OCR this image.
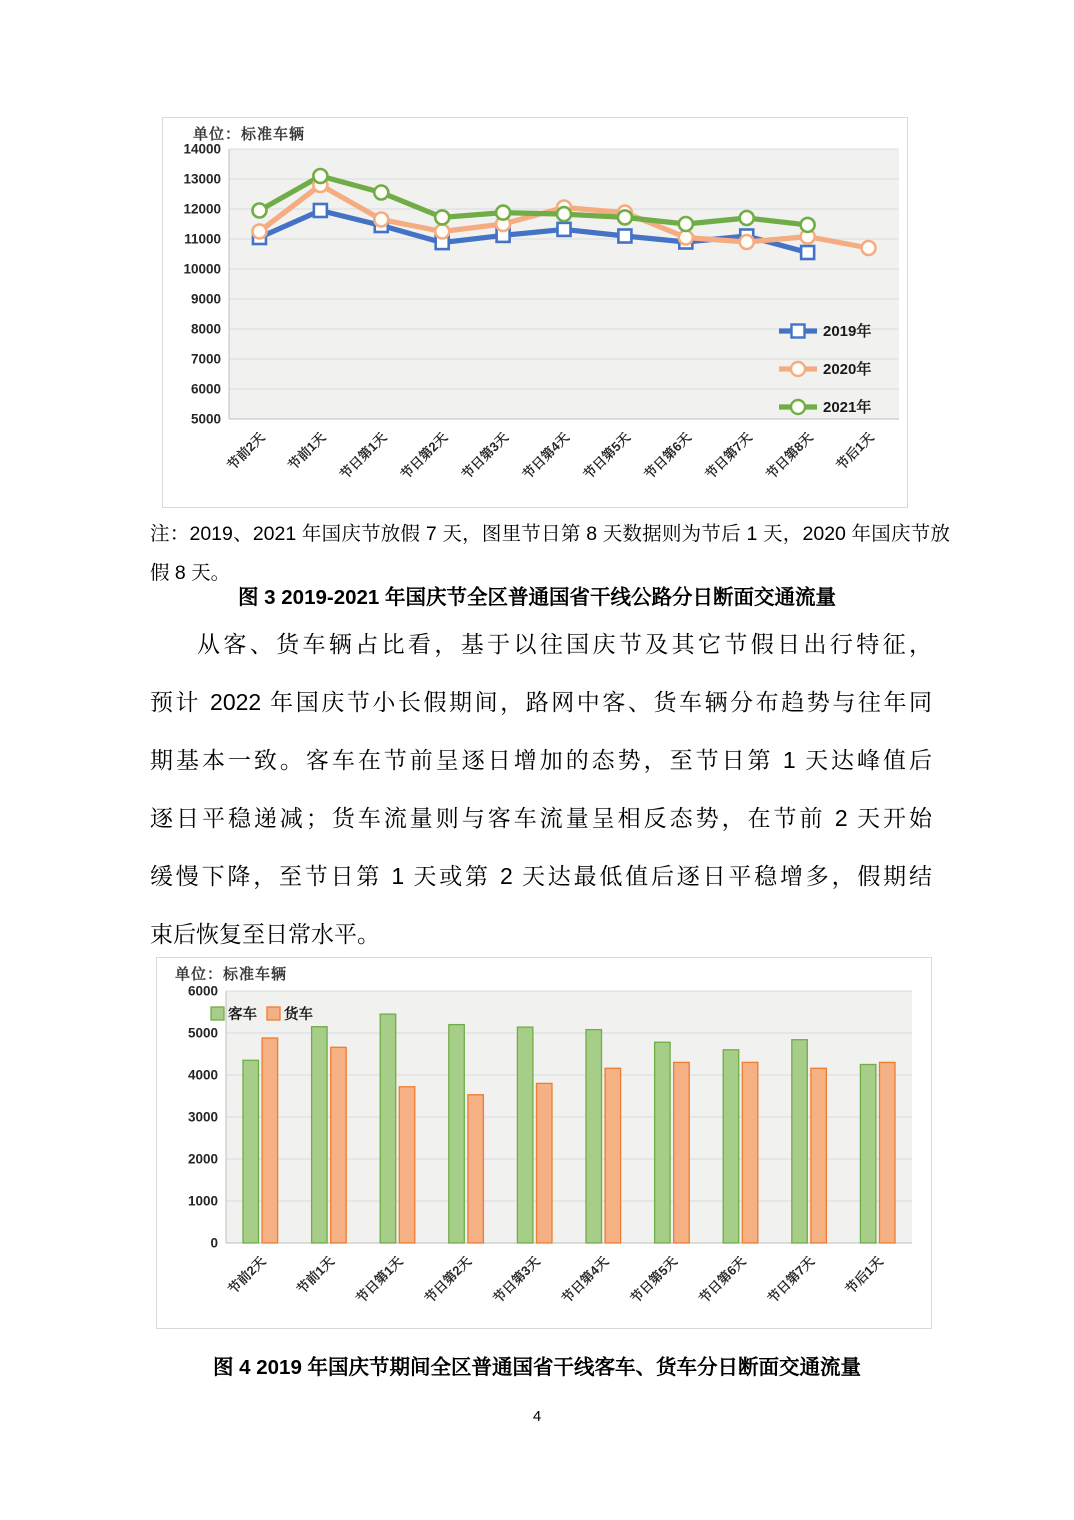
单位：标准车辆
5000
6000
7000
8000
9000
10000
11000
12000
13000
14000
节前2天 节前1天 节日第1天 节日第2天 节日第3天 节日第4天 节日第5天 节日第6天 节日第7天 节日第8天 节后1天
2019年
2020年
2021年
注：2019、2021 年国庆节放假 7 天，图里节日第 8 天数据则为节后 1 天，2020 年国庆节放假 8 天。
图 3 2019-2021 年国庆节全区普通国省干线公路分日断面交通流量
从客、货车辆占比看，基于以往国庆节及其它节假日出行特征，
预计 2022 年国庆节小长假期间，路网中客、货车辆分布趋势与往年同
期基本一致。客车在节前呈逐日增加的态势，至节日第 1 天达峰值后
逐日平稳递减；货车流量则与客车流量呈相反态势，在节前 2 天开始
缓慢下降，至节日第 1 天或第 2 天达最低值后逐日平稳增多，假期结
束后恢复至日常水平。
单位：标准车辆
0
1000
2000
3000
4000
5000
6000
节前2天 节前1天 节日第1天 节日第2天 节日第3天 节日第4天 节日第5天 节日第6天 节日第7天 节后1天
客车 货车
图 4 2019 年国庆节期间全区普通国省干线客车、货车分日断面交通流量
4
